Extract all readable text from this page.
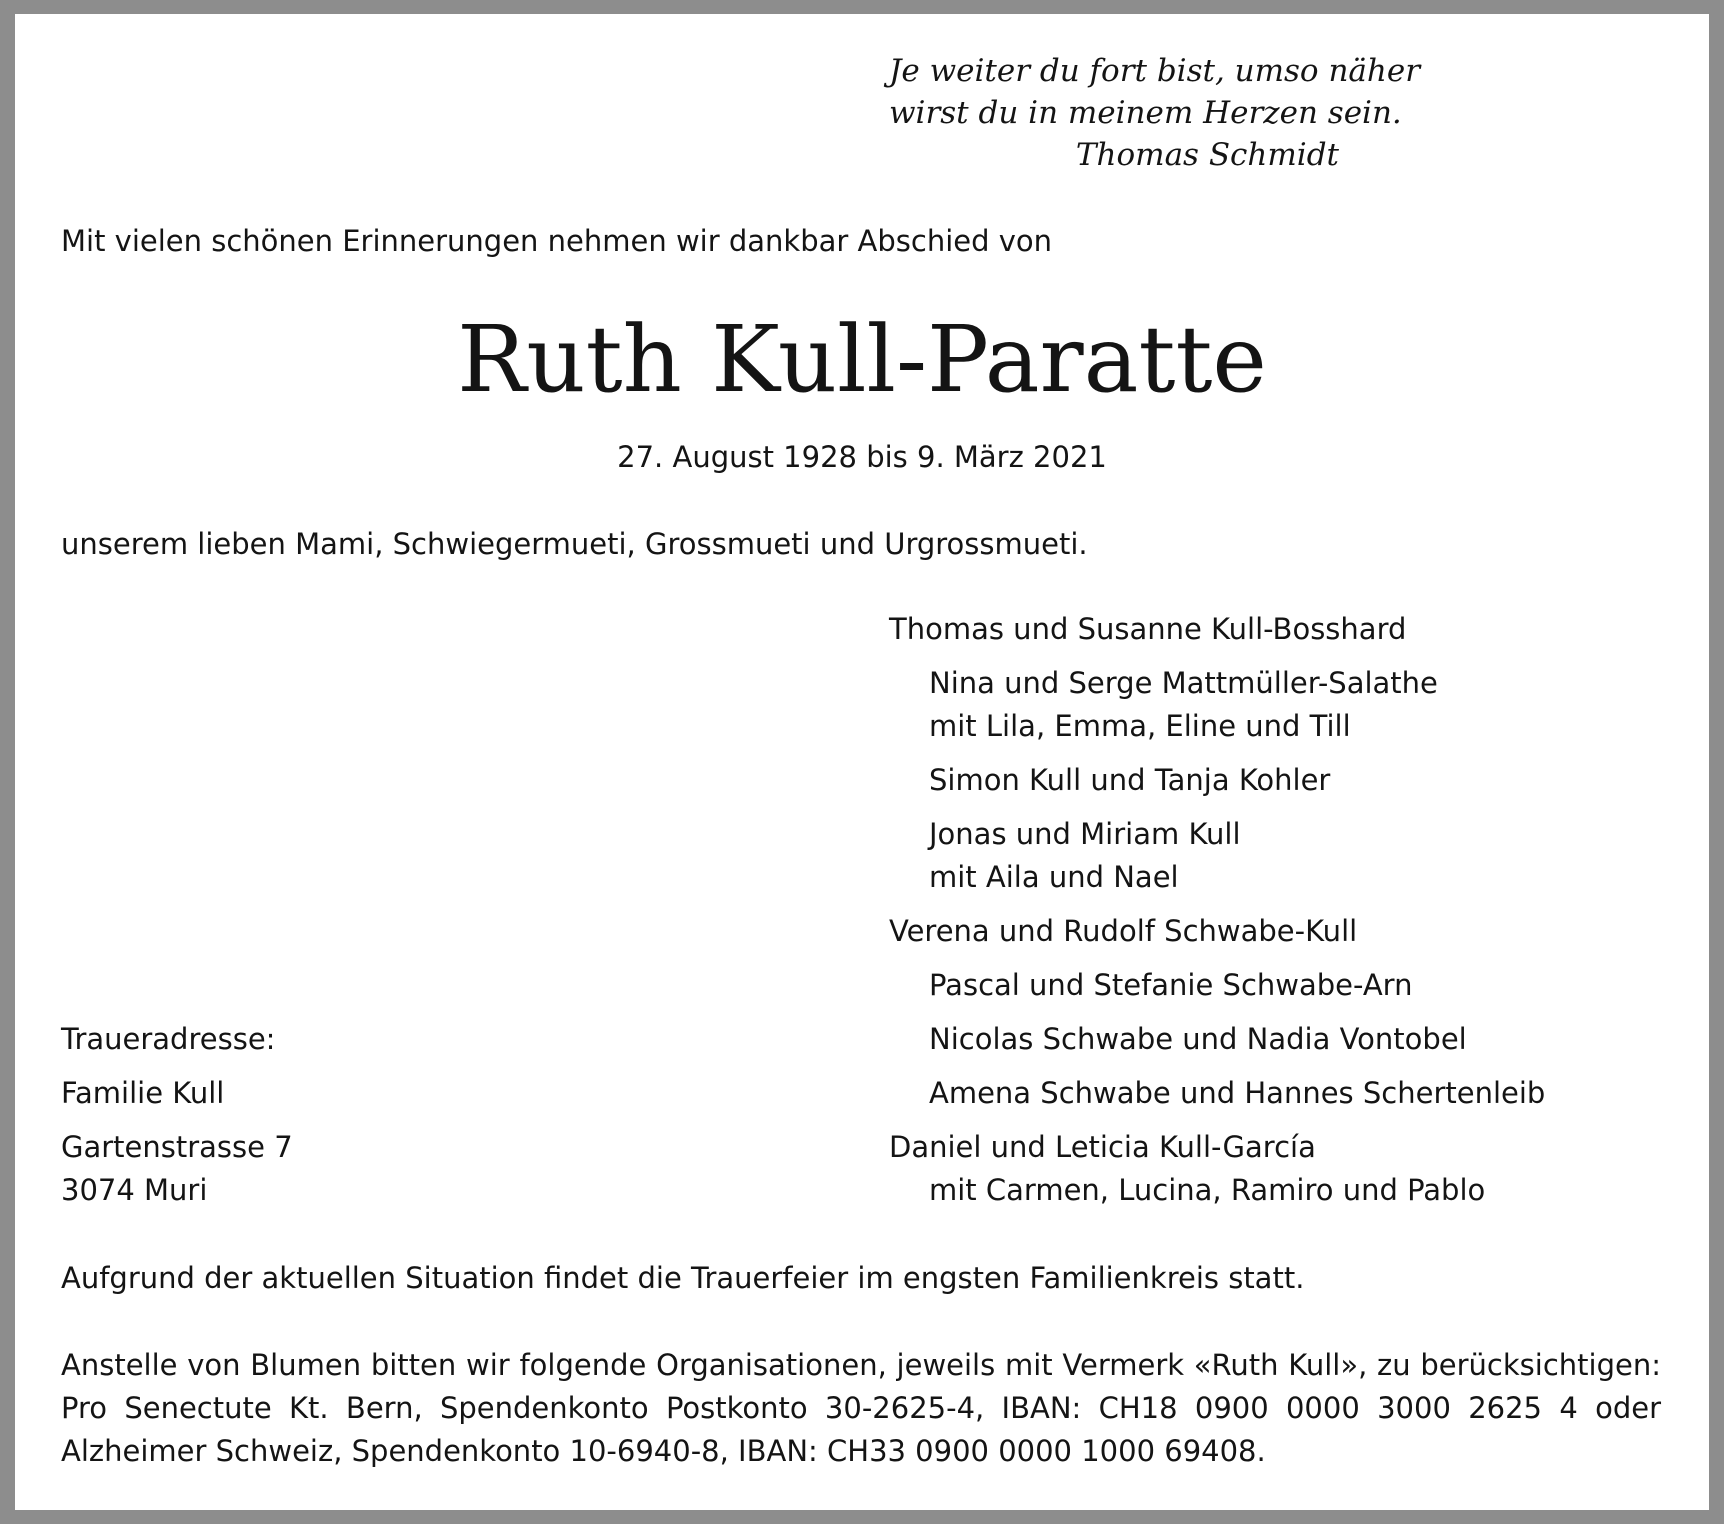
Je weiter du fort bist, umso näher
wirst du in meinem Herzen sein.
Thomas Schmidt
Mit vielen schönen Erinnerungen nehmen wir dankbar Abschied von
Ruth Kull-Paratte
27. August 1928 bis 9. März 2021
unserem lieben Mami, Schwiegermueti, Grossmueti und Urgrossmueti.
Thomas und Susanne Kull-Bosshard
Nina und Serge Mattmüller-Salathe
mit Lila, Emma, Eline und Till
Simon Kull und Tanja Kohler
Jonas und Miriam Kull
mit Aila und Nael
Verena und Rudolf Schwabe-Kull
Pascal und Stefanie Schwabe-Arn
Nicolas Schwabe und Nadia Vontobel
Amena Schwabe und Hannes Schertenleib
Daniel und Leticia Kull-García
mit Carmen, Lucina, Ramiro und Pablo
Traueradresse:
Familie Kull
Gartenstrasse 7
3074 Muri
Aufgrund der aktuellen Situation findet die Trauerfeier im engsten Familienkreis statt.
Anstelle von Blumen bitten wir folgende Organisationen, jeweils mit Vermerk «Ruth Kull», zu berücksichtigen:
Pro Senectute Kt. Bern, Spendenkonto Postkonto 30-2625-4, IBAN: CH18 0900 0000 3000 2625 4 oder
Alzheimer Schweiz, Spendenkonto 10-6940-8, IBAN: CH33 0900 0000 1000 69408.
